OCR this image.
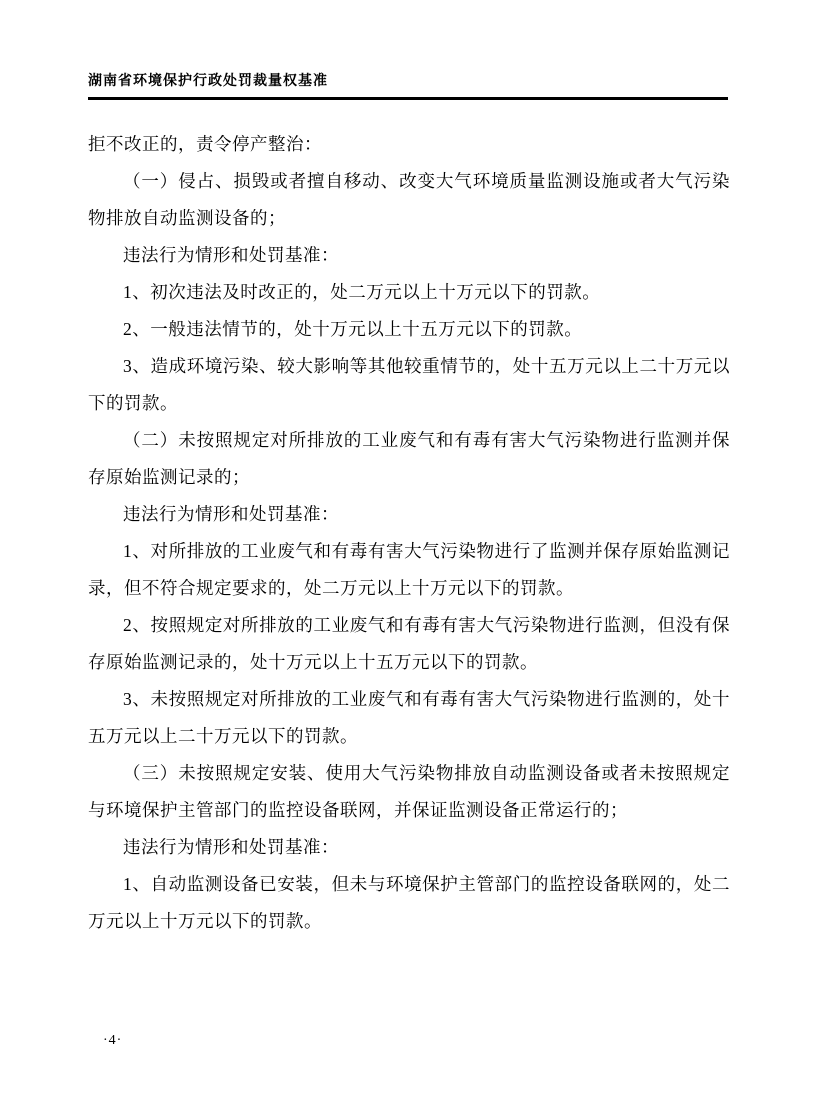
湖南省环境保护行政处罚裁量权基准

拒不改正的，责令停产整治：

（一）侵占、损毁或者擅自移动、改变大气环境质量监测设施或者大气污染物排放自动监测设备的；

违法行为情形和处罚基准：

1、初次违法及时改正的，处二万元以上十万元以下的罚款。

2、一般违法情节的，处十万元以上十五万元以下的罚款。

3、造成环境污染、较大影响等其他较重情节的，处十五万元以上二十万元以下的罚款。

（二）未按照规定对所排放的工业废气和有毒有害大气污染物进行监测并保存原始监测记录的；

违法行为情形和处罚基准：

1、对所排放的工业废气和有毒有害大气污染物进行了监测并保存原始监测记录，但不符合规定要求的，处二万元以上十万元以下的罚款。

2、按照规定对所排放的工业废气和有毒有害大气污染物进行监测，但没有保存原始监测记录的，处十万元以上十五万元以下的罚款。

3、未按照规定对所排放的工业废气和有毒有害大气污染物进行监测的，处十五万元以上二十万元以下的罚款。

（三）未按照规定安装、使用大气污染物排放自动监测设备或者未按照规定与环境保护主管部门的监控设备联网，并保证监测设备正常运行的；

违法行为情形和处罚基准：

1、自动监测设备已安装，但未与环境保护主管部门的监控设备联网的，处二万元以上十万元以下的罚款。

·4·
